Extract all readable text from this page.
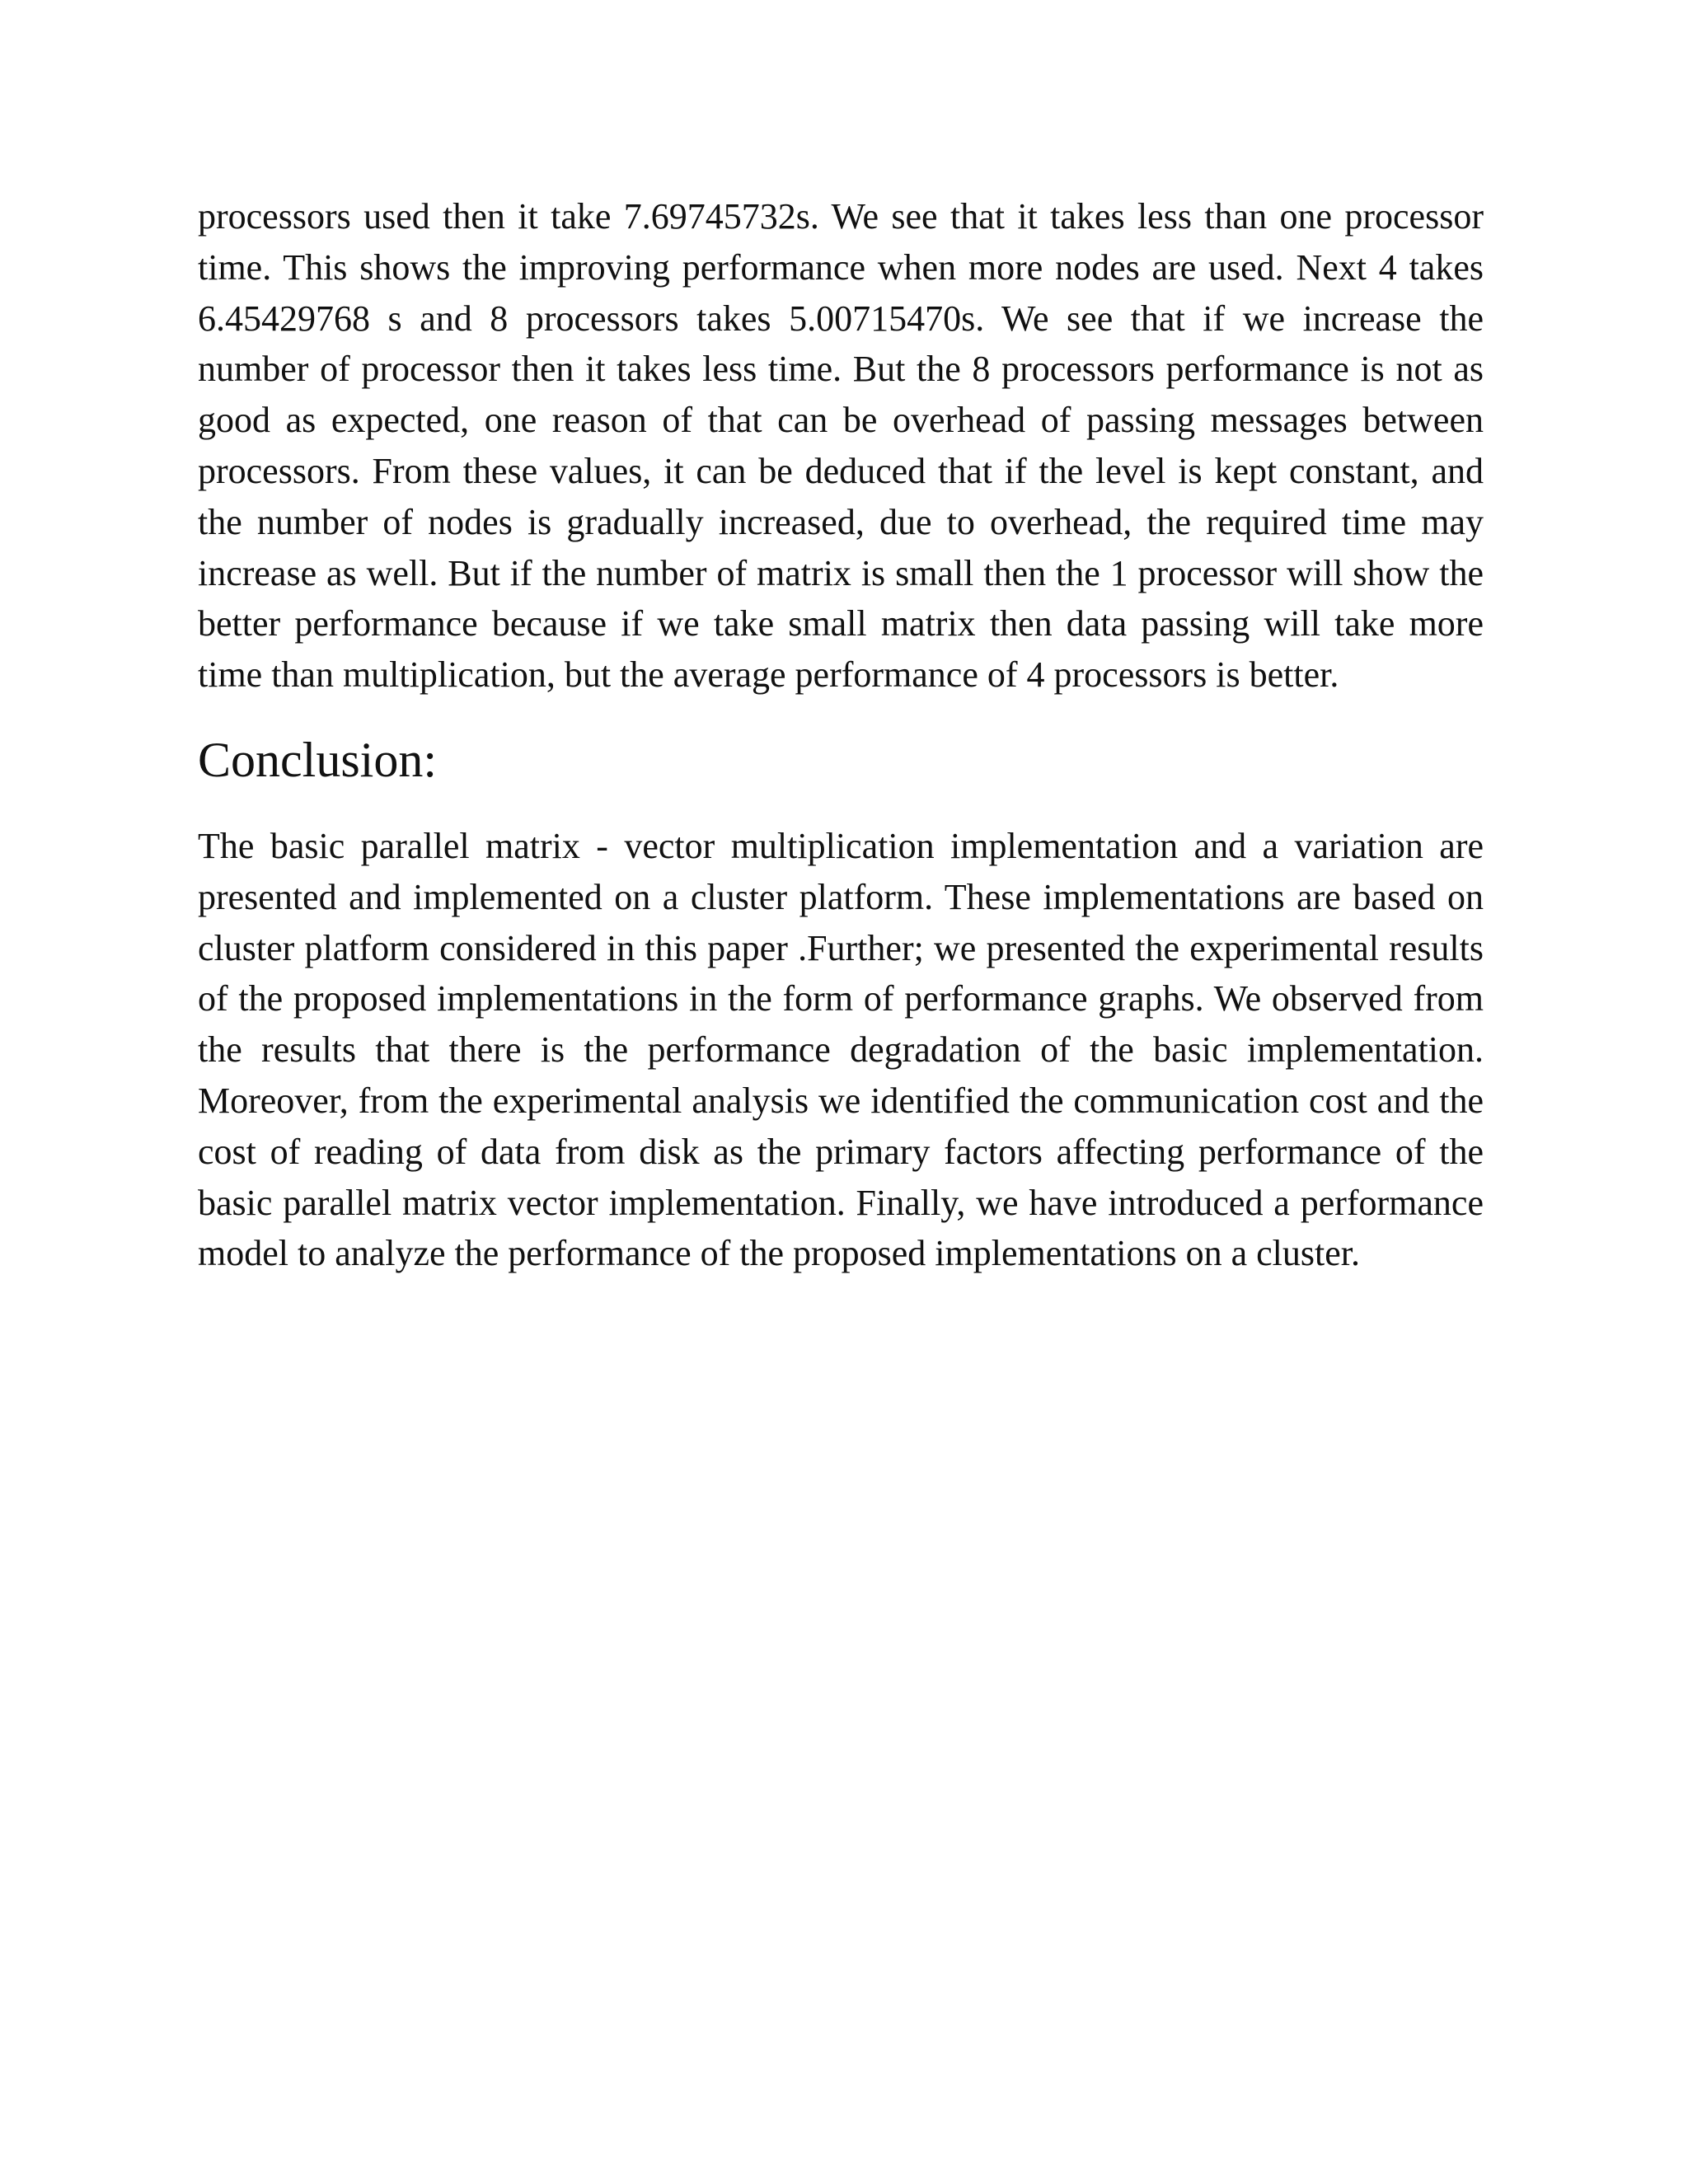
processors used then it take 7.69745732s. We see that it takes less than one processor time. This shows the improving performance when more nodes are used. Next 4 takes 6.45429768 s and 8 processors takes 5.00715470s. We see that if we increase the number of processor then it takes less time. But the 8 processors performance is not as good as expected, one reason of that can be overhead of passing messages between processors. From these values, it can be deduced that if the level is kept constant, and the number of nodes is gradually increased, due to overhead, the required time may increase as well. But if the number of matrix is small then the 1 processor will show the better performance because if we take small matrix then data passing will take more time than multiplication, but the average performance of 4 processors is better.

Conclusion:

The basic parallel matrix - vector multiplication implementation and a variation are presented and implemented on a cluster platform. These implementations are based on cluster platform considered in this paper .Further; we presented the experimental results of the proposed implementations in the form of performance graphs. We observed from the results that there is the performance degradation of the basic implementation. Moreover, from the experimental analysis we identified the communication cost and the cost of reading of data from disk as the primary factors affecting performance of the basic parallel matrix vector implementation. Finally, we have introduced a performance model to analyze the performance of the proposed implementations on a cluster.
